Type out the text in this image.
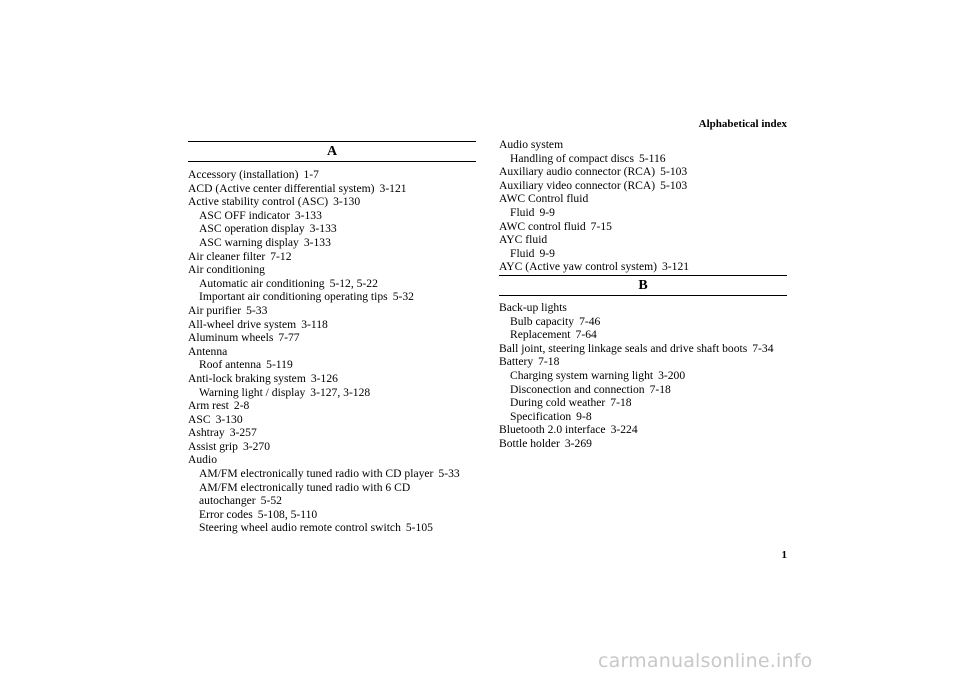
Alphabetical index
A
Accessory (installation) 1-7
ACD (Active center differential system) 3-121
Active stability control (ASC) 3-130
ASC OFF indicator 3-133
ASC operation display 3-133
ASC warning display 3-133
Air cleaner filter 7-12
Air conditioning
Automatic air conditioning 5-12, 5-22
Important air conditioning operating tips 5-32
Air purifier 5-33
All-wheel drive system 3-118
Aluminum wheels 7-77
Antenna
Roof antenna 5-119
Anti-lock braking system 3-126
Warning light / display 3-127, 3-128
Arm rest 2-8
ASC 3-130
Ashtray 3-257
Assist grip 3-270
Audio
AM/FM electronically tuned radio with CD player 5-33
AM/FM electronically tuned radio with 6 CD autochanger 5-52
Error codes 5-108, 5-110
Steering wheel audio remote control switch 5-105
Audio system
Handling of compact discs 5-116
Auxiliary audio connector (RCA) 5-103
Auxiliary video connector (RCA) 5-103
AWC Control fluid
Fluid 9-9
AWC control fluid 7-15
AYC fluid
Fluid 9-9
AYC (Active yaw control system) 3-121
B
Back-up lights
Bulb capacity 7-46
Replacement 7-64
Ball joint, steering linkage seals and drive shaft boots 7-34
Battery 7-18
Charging system warning light 3-200
Disconection and connection 7-18
During cold weather 7-18
Specification 9-8
Bluetooth 2.0 interface 3-224
Bottle holder 3-269
1
carmanualsonline.info
